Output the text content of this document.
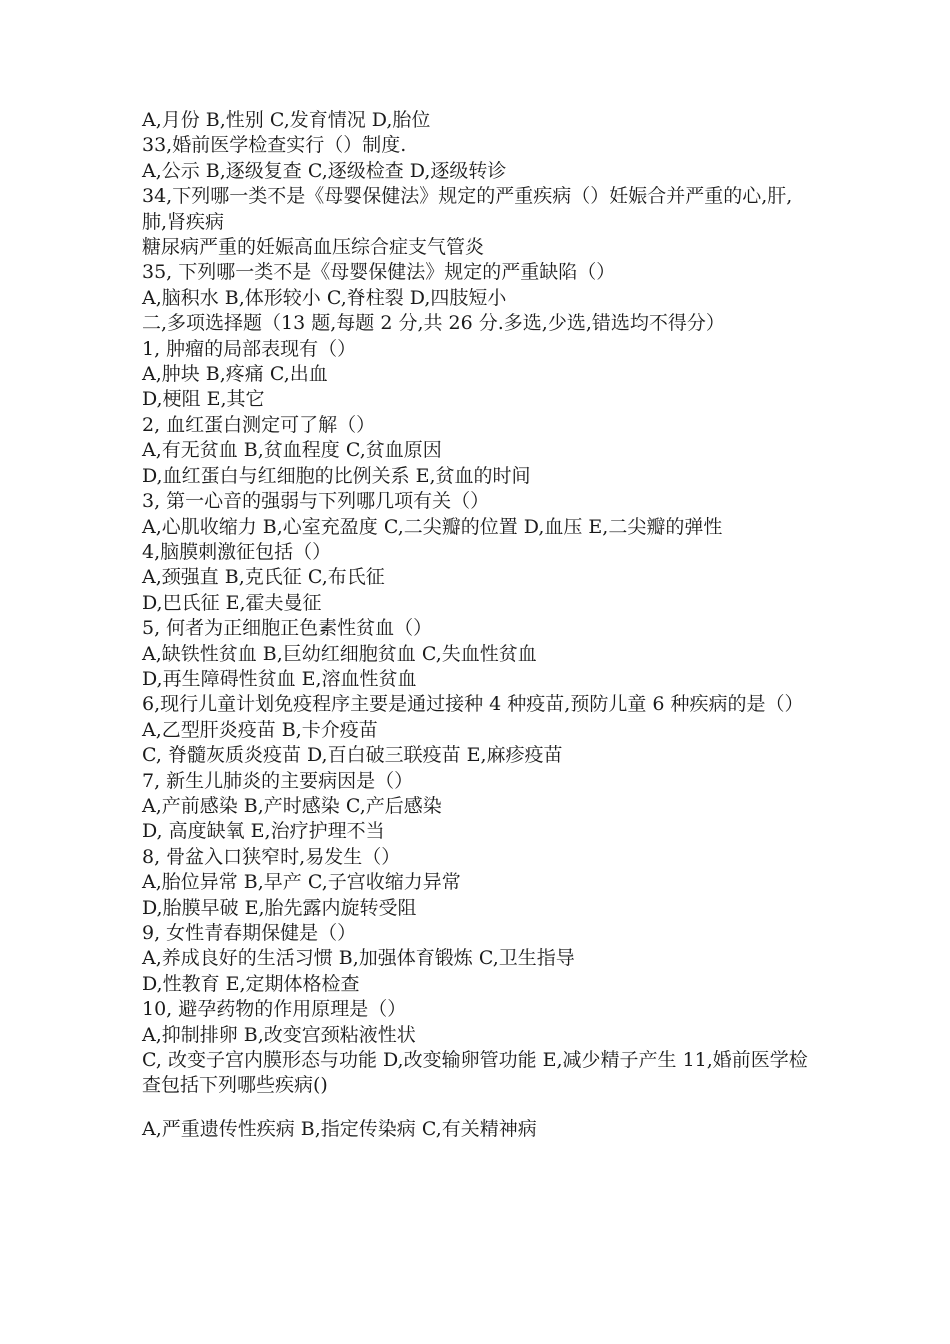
A,月份 B,性别 C,发育情况 D,胎位
33,婚前医学检查实行（）制度.
A,公示 B,逐级复查 C,逐级检查 D,逐级转诊
34,下列哪一类不是《母婴保健法》规定的严重疾病（）妊娠合并严重的心,肝,肺,肾疾病
糖尿病严重的妊娠高血压综合症支气管炎
35, 下列哪一类不是《母婴保健法》规定的严重缺陷（）
A,脑积水 B,体形较小 C,脊柱裂 D,四肢短小
二,多项选择题（13 题,每题 2 分,共 26 分.多选,少选,错选均不得分）
1, 肿瘤的局部表现有（）
A,肿块 B,疼痛 C,出血
D,梗阻 E,其它
2, 血红蛋白测定可了解（）
A,有无贫血 B,贫血程度 C,贫血原因
D,血红蛋白与红细胞的比例关系 E,贫血的时间
3, 第一心音的强弱与下列哪几项有关（）
A,心肌收缩力 B,心室充盈度 C,二尖瓣的位置 D,血压 E,二尖瓣的弹性
4,脑膜刺激征包括（）
A,颈强直 B,克氏征 C,布氏征
D,巴氏征 E,霍夫曼征
5, 何者为正细胞正色素性贫血（）
A,缺铁性贫血 B,巨幼红细胞贫血 C,失血性贫血
D,再生障碍性贫血 E,溶血性贫血
6,现行儿童计划免疫程序主要是通过接种 4 种疫苗,预防儿童 6 种疾病的是（）
A,乙型肝炎疫苗 B,卡介疫苗
C, 脊髓灰质炎疫苗 D,百白破三联疫苗 E,麻疹疫苗
7, 新生儿肺炎的主要病因是（）
A,产前感染 B,产时感染 C,产后感染
D, 高度缺氧 E,治疗护理不当
8, 骨盆入口狭窄时,易发生（）
A,胎位异常 B,早产 C,子宫收缩力异常
D,胎膜早破 E,胎先露内旋转受阻
9, 女性青春期保健是（）
A,养成良好的生活习惯 B,加强体育锻炼 C,卫生指导
D,性教育 E,定期体格检查
10, 避孕药物的作用原理是（）
A,抑制排卵 B,改变宫颈粘液性状
C, 改变子宫内膜形态与功能 D,改变输卵管功能 E,减少精子产生 11,婚前医学检查包括下列哪些疾病()
A,严重遗传性疾病 B,指定传染病 C,有关精神病
